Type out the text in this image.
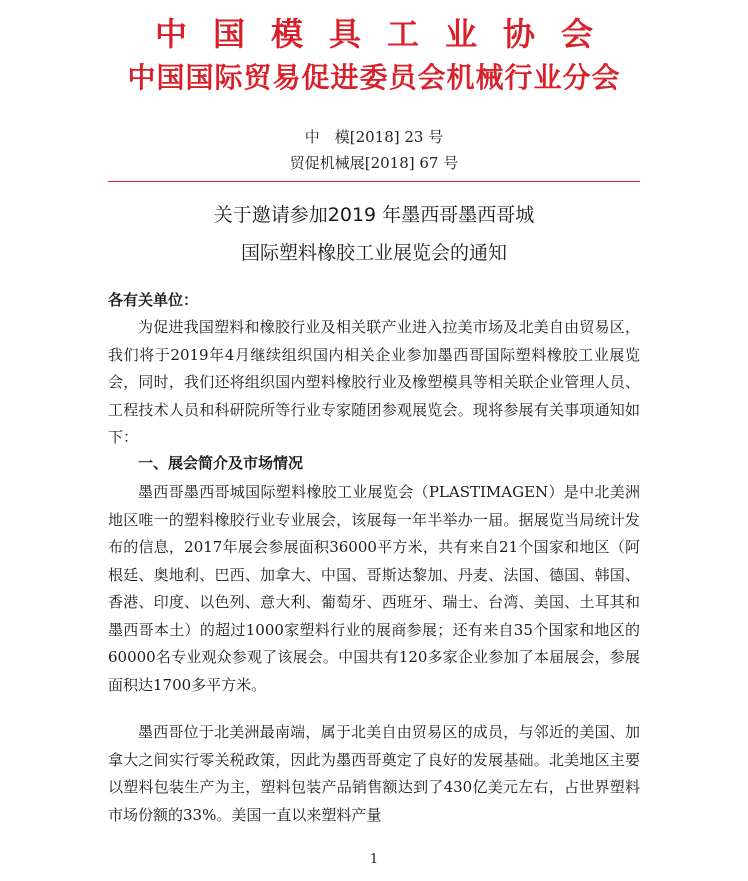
中国模具工业协会
中国国际贸易促进委员会机械行业分会
中　模[2018] 23 号
贸促机械展[2018] 67 号
关于邀请参加2019 年墨西哥墨西哥城
国际塑料橡胶工业展览会的通知
各有关单位：

为促进我国塑料和橡胶行业及相关联产业进入拉美市场及北美自由贸易区，我们将于2019年4月继续组织国内相关企业参加墨西哥国际塑料橡胶工业展览会，同时，我们还将组织国内塑料橡胶行业及橡塑模具等相关联企业管理人员、工程技术人员和科研院所等行业专家随团参观展览会。现将参展有关事项通知如下：

一、展会简介及市场情况

墨西哥墨西哥城国际塑料橡胶工业展览会（PLASTIMAGEN）是中北美洲地区唯一的塑料橡胶行业专业展会，该展每一年半举办一届。据展览当局统计发布的信息，2017年展会参展面积36000平方米，共有来自21个国家和地区（阿根廷、奥地利、巴西、加拿大、中国、哥斯达黎加、丹麦、法国、德国、韩国、香港、印度、以色列、意大利、葡萄牙、西班牙、瑞士、台湾、美国、土耳其和墨西哥本土）的超过1000家塑料行业的展商参展；还有来自35个国家和地区的60000名专业观众参观了该展会。中国共有120多家企业参加了本届展会，参展面积达1700多平方米。

墨西哥位于北美洲最南端，属于北美自由贸易区的成员，与邻近的美国、加拿大之间实行零关税政策，因此为墨西哥奠定了良好的发展基础。北美地区主要以塑料包装生产为主，塑料包装产品销售额达到了430亿美元左右，占世界塑料市场份额的33%。美国一直以来塑料产量

1
